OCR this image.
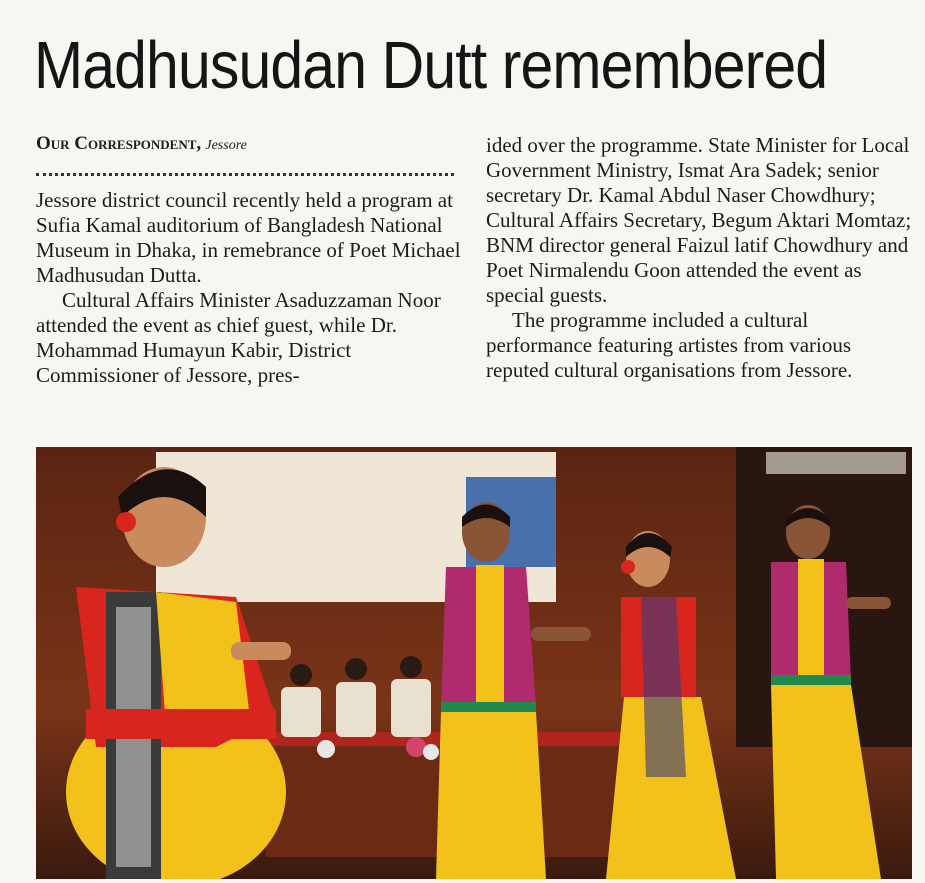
Madhusudan Dutt remembered
Our Correspondent, Jessore

Jessore district council recently held a program at Sufia Kamal auditorium of Bangladesh National Museum in Dhaka, in remebrance of Poet Michael Madhusudan Dutta.

Cultural Affairs Minister Asaduzzaman Noor attended the event as chief guest, while Dr. Mohammad Humayun Kabir, District Commissioner of Jessore, pres-

ided over the programme. State Minister for Local Government Ministry, Ismat Ara Sadek; senior secretary Dr. Kamal Abdul Naser Chowdhury; Cultural Affairs Secretary, Begum Aktari Momtaz; BNM director general Faizul latif Chowdhury and Poet Nirmalendu Goon attended the event as special guests.

The programme included a cultural performance featuring artistes from various reputed cultural organisations from Jessore.
